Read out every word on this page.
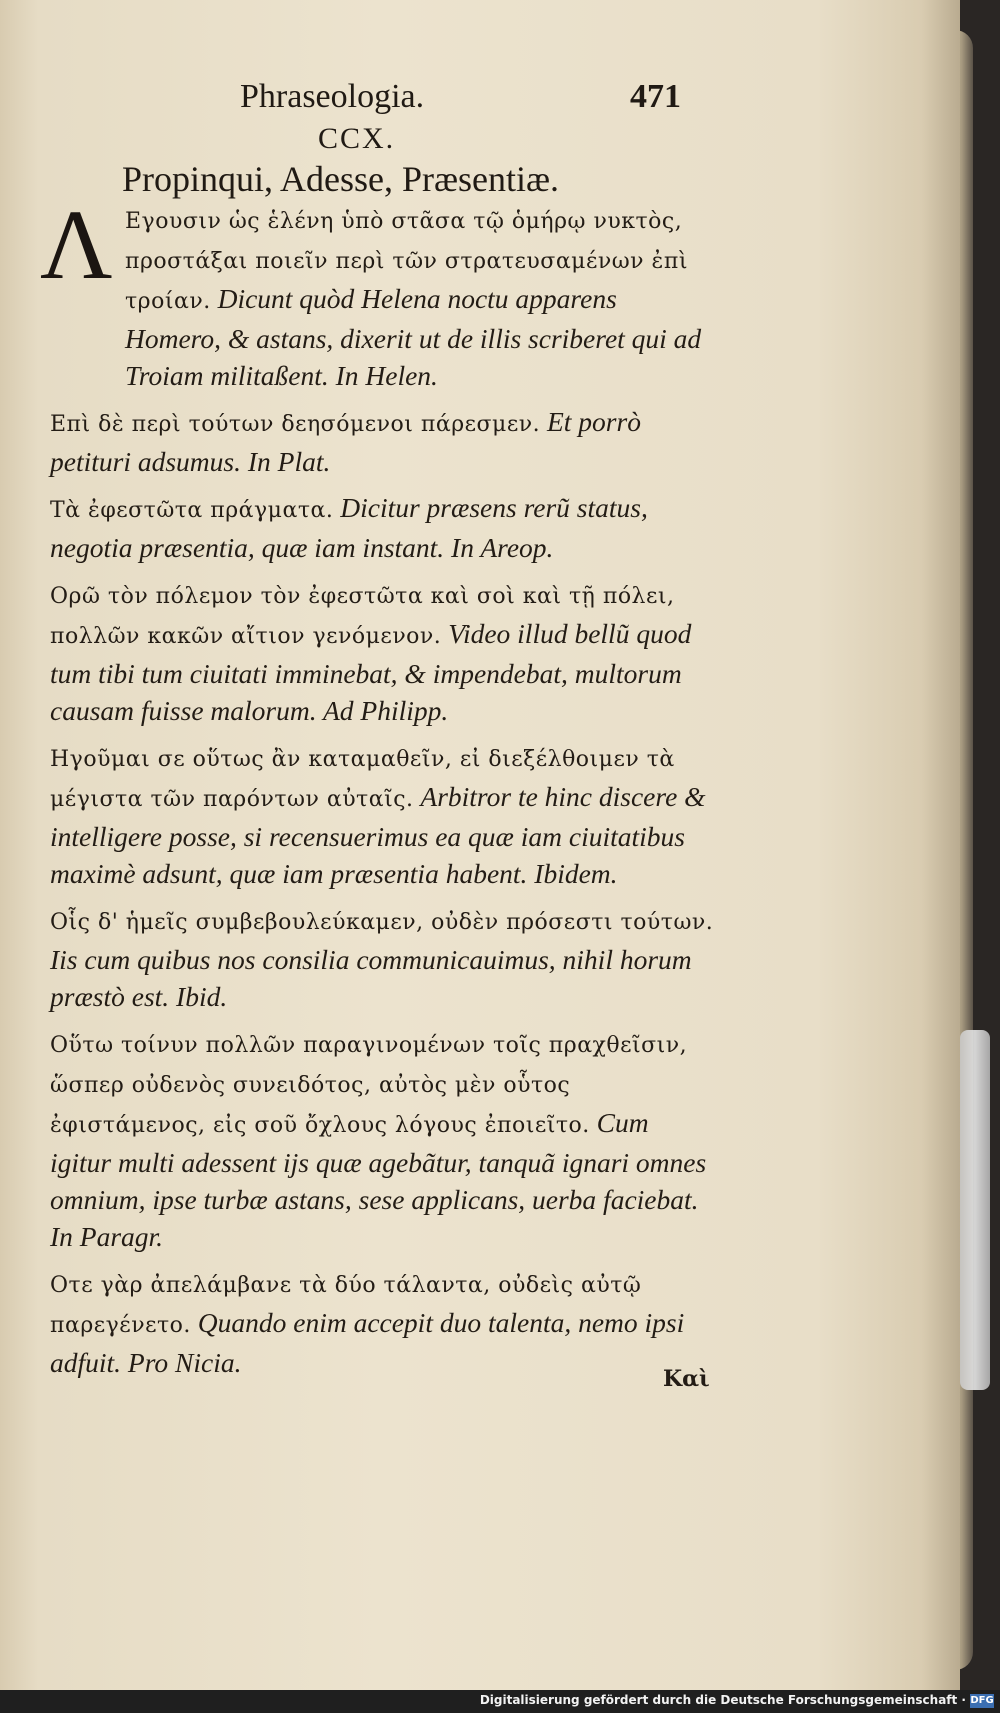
Phraseologia.	471
CCX.
Propinqui, Adesse, Præsentiæ.
Λ Εγουσιν ὡς ἑλένη ὑπὸ στᾶσα τῷ ὁμήρῳ νυκτὸς, προστάξαι ποιεῖν περὶ τῶν στρατευσαμένων ἐπὶ τροίαν. Dicunt quòd Helena noctu apparens Homero, & astans, dixerit ut de illis scriberet qui ad Troiam militaßent. In Helen.

Επὶ δὲ περὶ τούτων δεησόμενοι πάρεσμεν. Et porrò petituri adsumus. In Plat.

Τὰ ἐφεστῶτα πράγματα. Dicitur præsens rerũ status, negotia præsentia, quæ iam instant. In Areop.

Ορῶ τὸν πόλεμον τὸν ἐφεστῶτα καὶ σοὶ καὶ τῇ πόλει, πολλῶν κακῶν αἴτιον γενόμενον. Video illud bellũ quod tum tibi tum ciuitati imminebat, & impendebat, multorum causam fuisse malorum. Ad Philipp.

Ηγοῦμαι σε οὕτως ἂν καταμαθεῖν, εἰ διεξέλθοιμεν τὰ μέγιστα τῶν παρόντων αὐταῖς. Arbitror te hinc discere & intelligere posse, si recensuerimus ea quæ iam ciuitatibus maximè adsunt, quæ iam præsentia habent. Ibidem.

Οἷς δ' ἡμεῖς συμβεβουλεύκαμεν, οὐδὲν πρόσεστι τούτων. Iis cum quibus nos consilia communicauimus, nihil horum præstò est. Ibid.

Οὕτω τοίνυν πολλῶν παραγινομένων τοῖς πραχθεῖσιν, ὥσπερ οὐδενὸς συνειδότος, αὐτὸς μὲν οὗτος ἐφιστάμενος, εἰς σοῦ ὄχλους λόγους ἐποιεῖτο. Cum igitur multi adessent ijs quæ agebãtur, tanquã ignari omnes omnium, ipse turbæ astans, sese applicans, uerba faciebat. In Paragr.

Οτε γὰρ ἀπελάμβανε τὰ δύο τάλαντα, οὐδεὶς αὐτῷ παρεγένετο. Quando enim accepit duo talenta, nemo ipsi adfuit. Pro Nicia.

Καὶ
Digitalisierung gefördert durch die Deutsche Forschungsgemeinschaft · DFG
